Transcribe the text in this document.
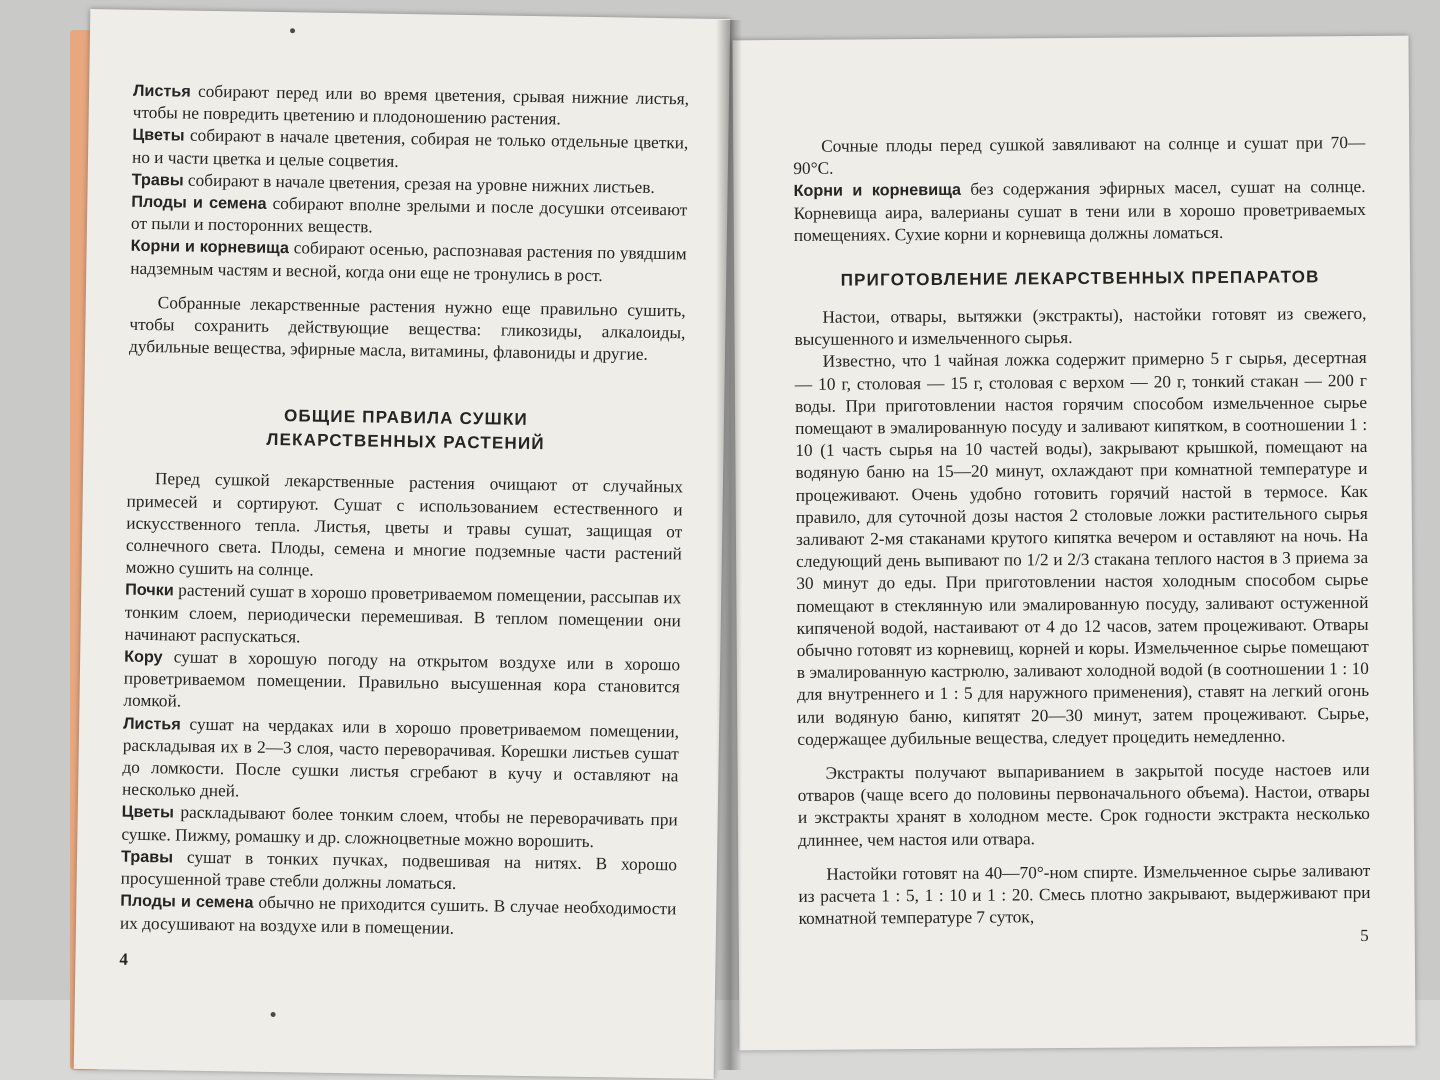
Листья собирают перед или во время цветения, срывая нижние листья, чтобы не повредить цветению и плодоношению растения.

Цветы собирают в начале цветения, собирая не только отдельные цветки, но и части цветка и целые соцветия.

Травы собирают в начале цветения, срезая на уровне нижних листьев.

Плоды и семена собирают вполне зрелыми и после досушки отсеивают от пыли и посторонних веществ.

Корни и корневища собирают осенью, распознавая растения по увядшим надземным частям и весной, когда они еще не тронулись в рост.

Собранные лекарственные растения нужно еще правильно сушить, чтобы сохранить действующие вещества: гликозиды, алкалоиды, дубильные вещества, эфирные масла, витамины, флавониды и другие.

ОБЩИЕ ПРАВИЛА СУШКИ
ЛЕКАРСТВЕННЫХ РАСТЕНИЙ

Перед сушкой лекарственные растения очищают от случайных примесей и сортируют. Сушат с использованием естественного и искусственного тепла. Листья, цветы и травы сушат, защищая от солнечного света. Плоды, семена и многие подземные части растений можно сушить на солнце.

Почки растений сушат в хорошо проветриваемом помещении, рассыпав их тонким слоем, периодически перемешивая. В теплом помещении они начинают распускаться.

Кору сушат в хорошую погоду на открытом воздухе или в хорошо проветриваемом помещении. Правильно высушенная кора становится ломкой.

Листья сушат на чердаках или в хорошо проветриваемом помещении, раскладывая их в 2—3 слоя, часто переворачивая. Корешки листьев сушат до ломкости. После сушки листья сгребают в кучу и оставляют на несколько дней.

Цветы раскладывают более тонким слоем, чтобы не переворачивать при сушке. Пижму, ромашку и др. сложноцветные можно ворошить.

Травы сушат в тонких пучках, подвешивая на нитях. В хорошо просушенной траве стебли должны ломаться.

Плоды и семена обычно не приходится сушить. В случае необходимости их досушивают на воздухе или в помещении.

4

Сочные плоды перед сушкой завяливают на солнце и сушат при 70—90°С.

Корни и корневища без содержания эфирных масел, сушат на солнце. Корневища аира, валерианы сушат в тени или в хорошо проветриваемых помещениях. Сухие корни и корневища должны ломаться.

ПРИГОТОВЛЕНИЕ ЛЕКАРСТВЕННЫХ ПРЕПАРАТОВ

Настои, отвары, вытяжки (экстракты), настойки готовят из свежего, высушенного и измельченного сырья.

Известно, что 1 чайная ложка содержит примерно 5 г сырья, десертная — 10 г, столовая — 15 г, столовая с верхом — 20 г, тонкий стакан — 200 г воды. При приготовлении настоя горячим способом измельченное сырье помещают в эмалированную посуду и заливают кипятком, в соотношении 1 : 10 (1 часть сырья на 10 частей воды), закрывают крышкой, помещают на водяную баню на 15—20 минут, охлаждают при комнатной температуре и процеживают. Очень удобно готовить горячий настой в термосе. Как правило, для суточной дозы настоя 2 столовые ложки растительного сырья заливают 2-мя стаканами крутого кипятка вечером и оставляют на ночь. На следующий день выпивают по 1/2 и 2/3 стакана теплого настоя в 3 приема за 30 минут до еды. При приготовлении настоя холодным способом сырье помещают в стеклянную или эмалированную посуду, заливают остуженной кипяченой водой, настаивают от 4 до 12 часов, затем процеживают. Отвары обычно готовят из корневищ, корней и коры. Измельченное сырье помещают в эмалированную кастрюлю, заливают холодной водой (в соотношении 1 : 10 для внутреннего и 1 : 5 для наружного применения), ставят на легкий огонь или водяную баню, кипятят 20—30 минут, затем процеживают. Сырье, содержащее дубильные вещества, следует процедить немедленно.

Экстракты получают выпариванием в закрытой посуде настоев или отваров (чаще всего до половины первоначального объема). Настои, отвары и экстракты хранят в холодном месте. Срок годности экстракта несколько длиннее, чем настоя или отвара.

Настойки готовят на 40—70°-ном спирте. Измельченное сырье заливают из расчета 1 : 5, 1 : 10 и 1 : 20. Смесь плотно закрывают, выдерживают при комнатной температуре 7 суток,

5
